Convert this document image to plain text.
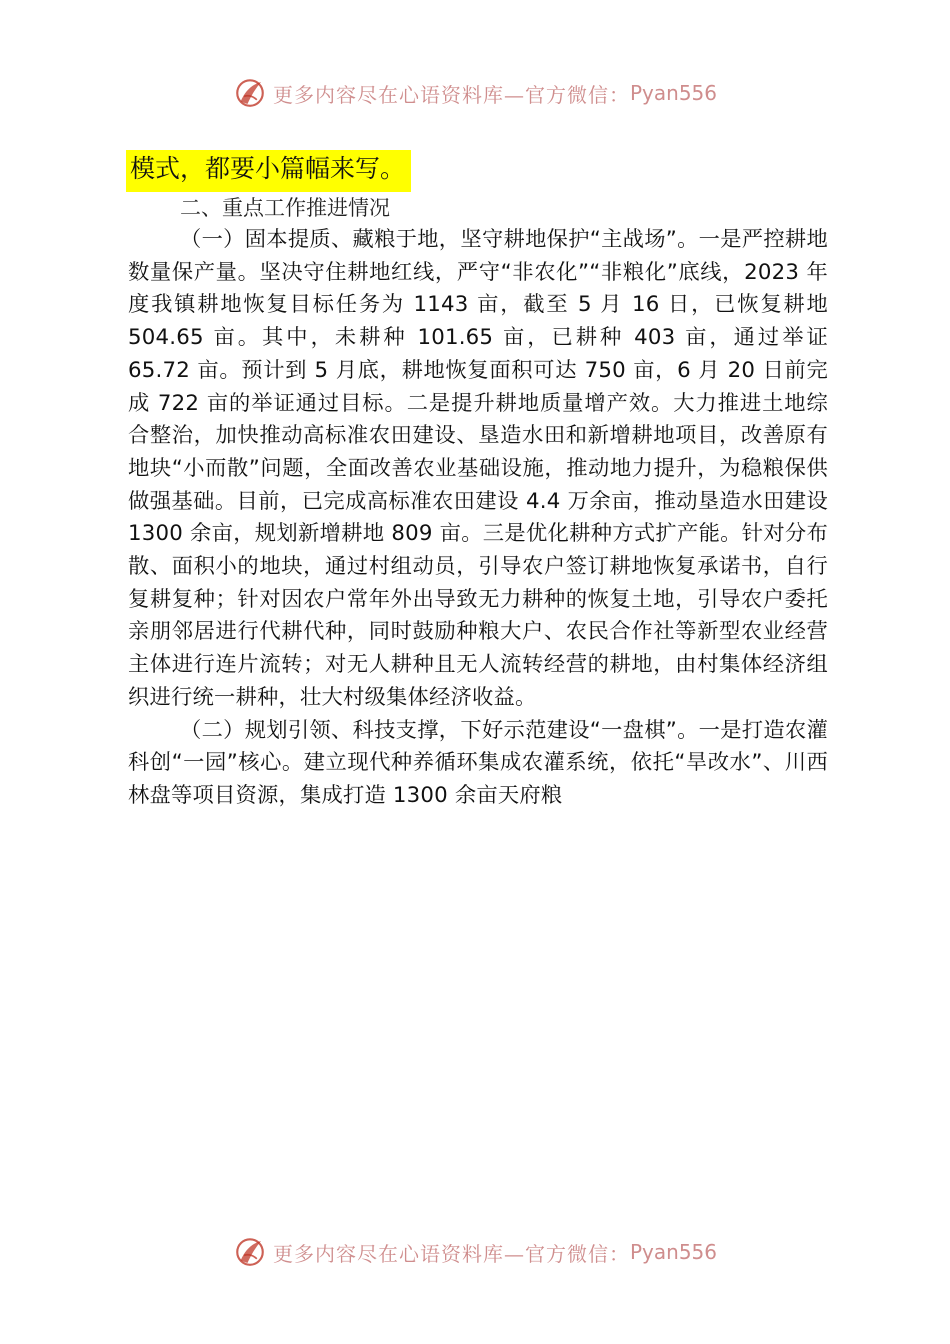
更多内容尽在心语资料库—官方微信： Pyan556
模式，都要小篇幅来写。

二、重点工作推进情况

（一）固本提质、藏粮于地，坚守耕地保护“主战场”。一是严控耕地数量保产量。坚决守住耕地红线，严守“非农化”“非粮化”底线，2023 年度我镇耕地恢复目标任务为 1143 亩，截至 5 月 16 日，已恢复耕地 504.65 亩。其中，未耕种 101.65 亩，已耕种 403 亩，通过举证 65.72 亩。预计到 5 月底，耕地恢复面积可达 750 亩，6 月 20 日前完成 722 亩的举证通过目标。二是提升耕地质量增产效。大力推进土地综合整治，加快推动高标准农田建设、垦造水田和新增耕地项目，改善原有地块“小而散”问题，全面改善农业基础设施，推动地力提升，为稳粮保供做强基础。目前，已完成高标准农田建设 4.4 万余亩，推动垦造水田建设 1300 余亩，规划新增耕地 809 亩。三是优化耕种方式扩产能。针对分布散、面积小的地块，通过村组动员，引导农户签订耕地恢复承诺书，自行复耕复种；针对因农户常年外出导致无力耕种的恢复土地，引导农户委托亲朋邻居进行代耕代种，同时鼓励种粮大户、农民合作社等新型农业经营主体进行连片流转；对无人耕种且无人流转经营的耕地，由村集体经济组织进行统一耕种，壮大村级集体经济收益。

（二）规划引领、科技支撑，下好示范建设“一盘棋”。一是打造农灌科创“一园”核心。建立现代种养循环集成农灌系统，依托“旱改水”、川西林盘等项目资源，集成打造 1300 余亩天府粮

更多内容尽在心语资料库—官方微信： Pyan556
